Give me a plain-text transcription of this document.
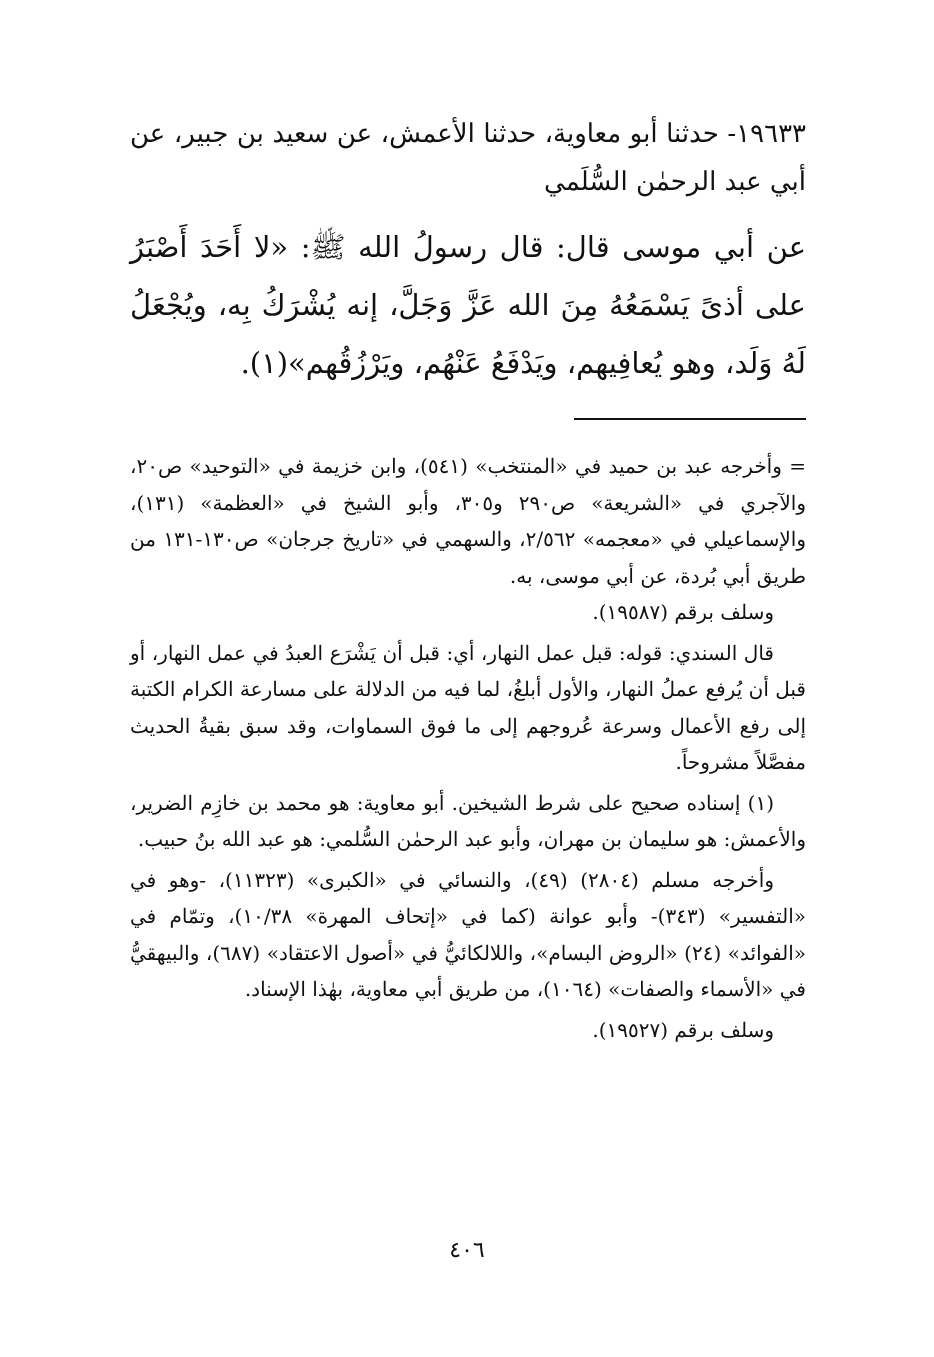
١٩٦٣٣- حدثنا أبو معاوية، حدثنا الأعمش، عن سعيد بن جبير، عن أبي عبد الرحمٰن السُّلَمي

عن أبي موسى قال: قال رسولُ الله ﷺ: «لا أَحَدَ أَصْبَرُ على أذىً يَسْمَعُهُ مِنَ الله عَزَّ وَجَلَّ، إنه يُشْرَكُ بِه، ويُجْعَلُ لَهُ وَلَد، وهو يُعافِيهم، ويَدْفَعُ عَنْهُم، ويَرْزُقُهم»(١).

= وأخرجه عبد بن حميد في «المنتخب» (٥٤١)، وابن خزيمة في «التوحيد» ص٢٠، والآجري في «الشريعة» ص٢٩٠ و٣٠٥، وأبو الشيخ في «العظمة» (١٣١)، والإسماعيلي في «معجمه» ٢/٥٦٢، والسهمي في «تاريخ جرجان» ص١٣٠-١٣١ من طريق أبي بُردة، عن أبي موسى، به.

وسلف برقم (١٩٥٨٧).

قال السندي: قوله: قبل عمل النهار، أي: قبل أن يَشْرَع العبدُ في عمل النهار، أو قبل أن يُرفع عملُ النهار، والأول أبلغُ، لما فيه من الدلالة على مسارعة الكرام الكتبة إلى رفع الأعمال وسرعة عُروجهم إلى ما فوق السماوات، وقد سبق بقيةُ الحديث مفصَّلاً مشروحاً.

(١) إسناده صحيح على شرط الشيخين. أبو معاوية: هو محمد بن خازِم الضرير، والأعمش: هو سليمان بن مهران، وأبو عبد الرحمٰن السُّلمي: هو عبد الله بنُ حبيب.

وأخرجه مسلم (٢٨٠٤) (٤٩)، والنسائي في «الكبرى» (١١٣٢٣)، -وهو في «التفسير» (٣٤٣)- وأبو عوانة (كما في «إتحاف المهرة» ١٠/٣٨)، وتمّام في «الفوائد» (٢٤) «الروض البسام»، واللالكائيُّ في «أصول الاعتقاد» (٦٨٧)، والبيهقيُّ في «الأسماء والصفات» (١٠٦٤)، من طريق أبي معاوية، بهٰذا الإسناد.

وسلف برقم (١٩٥٢٧).

٤٠٦
